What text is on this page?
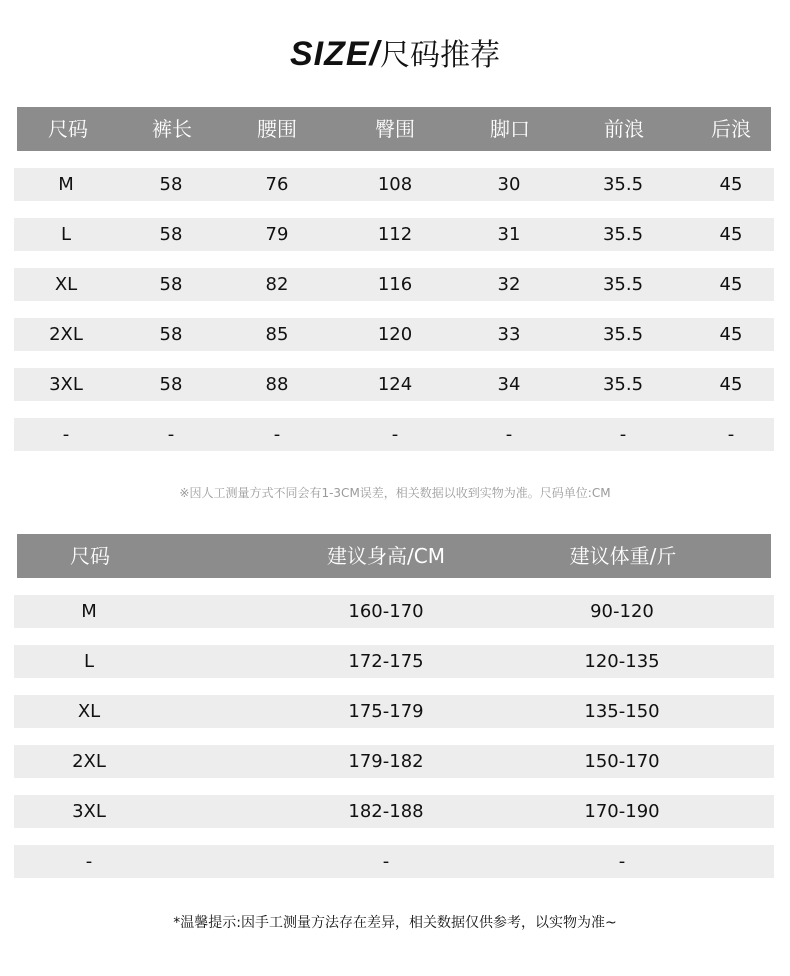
SIZE/尺码推荐
尺码	裤长	腰围	臀围	脚口	前浪	后浪
M	58	76	108	30	35.5	45
L	58	79	112	31	35.5	45
XL	58	82	116	32	35.5	45
2XL	58	85	120	33	35.5	45
3XL	58	88	124	34	35.5	45
-	-	-	-	-	-	-
※因人工测量方式不同会有1-3CM误差，相关数据以收到实物为准。尺码单位:CM
尺码	建议身高/CM	建议体重/斤
M	160-170	90-120
L	172-175	120-135
XL	175-179	135-150
2XL	179-182	150-170
3XL	182-188	170-190
-	-	-
*温馨提示:因手工测量方法存在差异，相关数据仅供参考，以实物为准~
